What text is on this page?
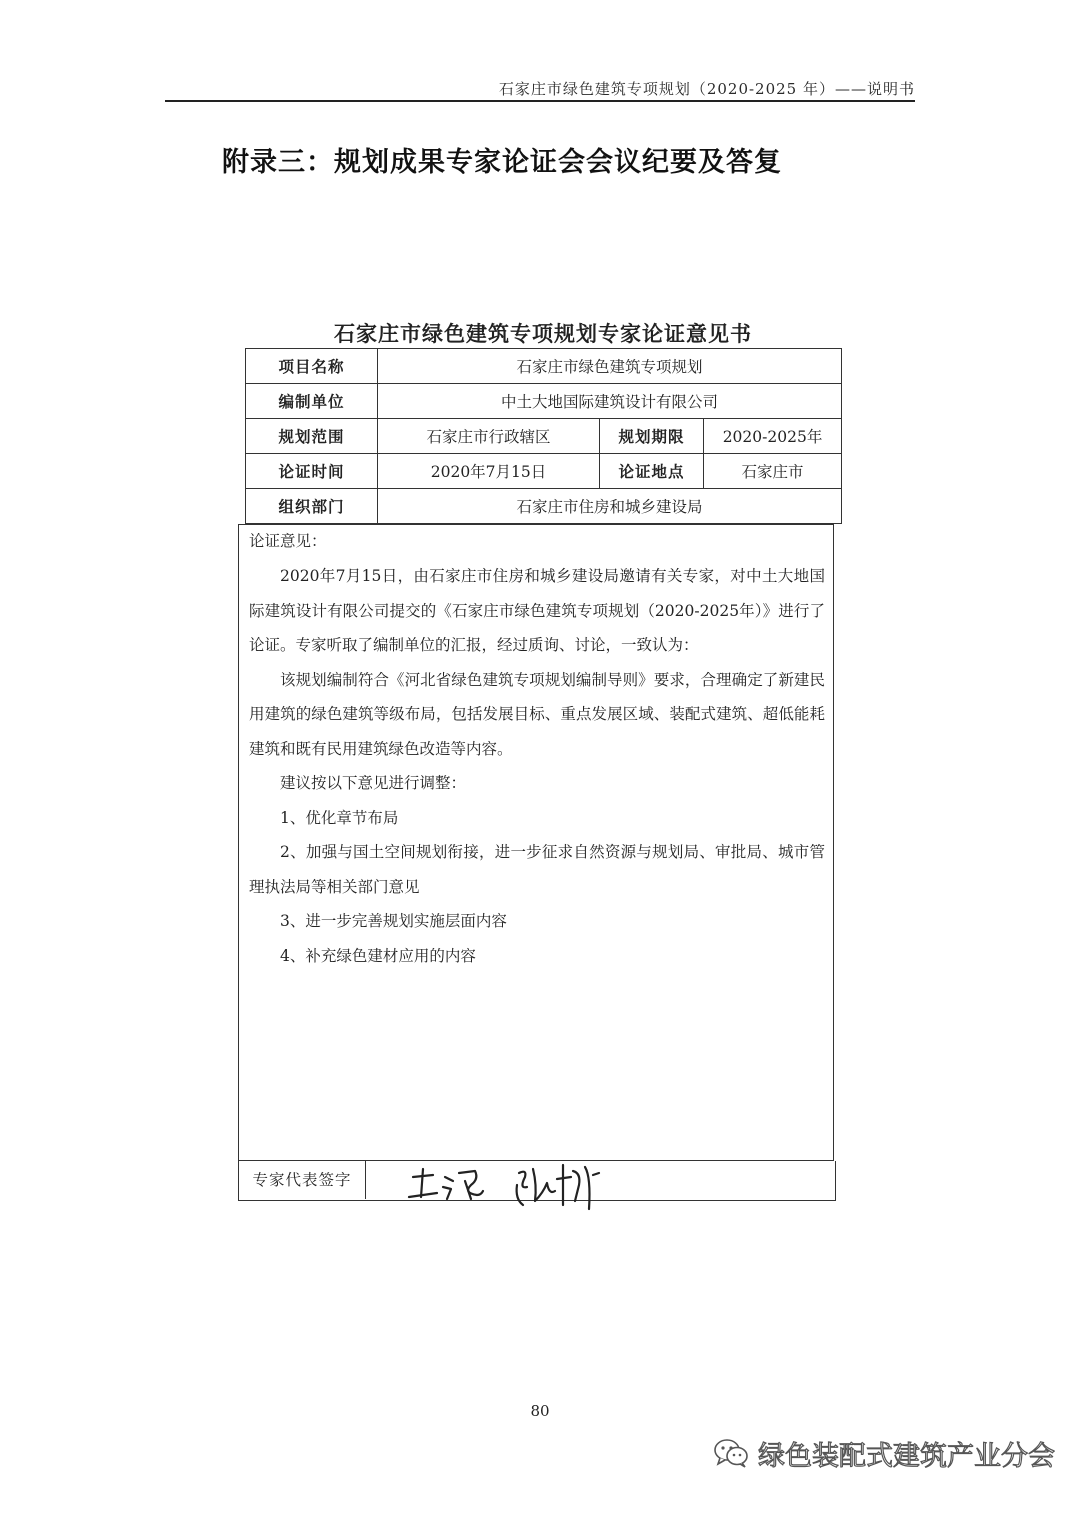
石家庄市绿色建筑专项规划（2020-2025 年）——说明书
附录三：规划成果专家论证会会议纪要及答复
石家庄市绿色建筑专项规划专家论证意见书
项目名称	石家庄市绿色建筑专项规划		
编制单位	中土大地国际建筑设计有限公司		
规划范围	石家庄市行政辖区	规划期限	2020-2025年
论证时间	2020年7月15日	论证地点	石家庄市
组织部门	石家庄市住房和城乡建设局		
论证意见：

2020年7月15日，由石家庄市住房和城乡建设局邀请有关专家，对中土大地国际建筑设计有限公司提交的《石家庄市绿色建筑专项规划（2020-2025年）》进行了论证。专家听取了编制单位的汇报，经过质询、讨论，一致认为：

该规划编制符合《河北省绿色建筑专项规划编制导则》要求，合理确定了新建民用建筑的绿色建筑等级布局，包括发展目标、重点发展区域、装配式建筑、超低能耗建筑和既有民用建筑绿色改造等内容。

建议按以下意见进行调整：

1、优化章节布局

2、加强与国土空间规划衔接，进一步征求自然资源与规划局、审批局、城市管理执法局等相关部门意见

3、进一步完善规划实施层面内容

4、补充绿色建材应用的内容

专家代表签字
80
绿色装配式建筑产业分会
